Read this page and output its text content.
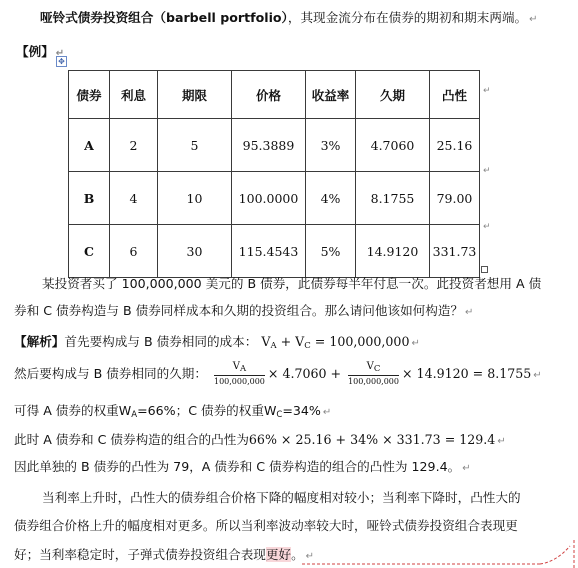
哑铃式债券投资组合（barbell portfolio），其现金流分布在债券的期初和期末两端。 ↵
【例】 ↵
✥
债券	利息	期限	价格	收益率	久期	凸性
A	2	5	95.3889	3%	4.7060	25.16
B	4	10	100.0000	4%	8.1755	79.00
C	6	30	115.4543	5%	14.9120	331.73
↵
↵
↵
某投资者买了 100,000,000 美元的 B 债券，此债券每半年付息一次。此投资者想用 A 债
券和 C 债券构造与 B 债券同样成本和久期的投资组合。那么请问他该如何构造？ ↵
【解析】首先要构成与 B 债券相同的成本： $V_A + V_C = 100,000,000$ ↵
然后要构成与 B 债券相同的久期： $\frac{V_A}{100,000,000} \times 4.7060 + \frac{V_C}{100,000,000} \times 14.9120 = 8.1755$ ↵
可得 A 债券的权重$W_A=66\%$；C 债券的权重$W_C=34\%$ ↵
此时 A 债券和 C 债券构造的组合的凸性为66% × 25.16 + 34% × 331.73 = 129.4 ↵
因此单独的 B 债券的凸性为 79，A 债券和 C 债券构造的组合的凸性为 129.4。 ↵
当利率上升时，凸性大的债券组合价格下降的幅度相对较小；当利率下降时，凸性大的
债券组合价格上升的幅度相对更多。所以当利率波动率较大时，哑铃式债券投资组合表现更
好；当利率稳定时，子弹式债券投资组合表现更好。 ↵
